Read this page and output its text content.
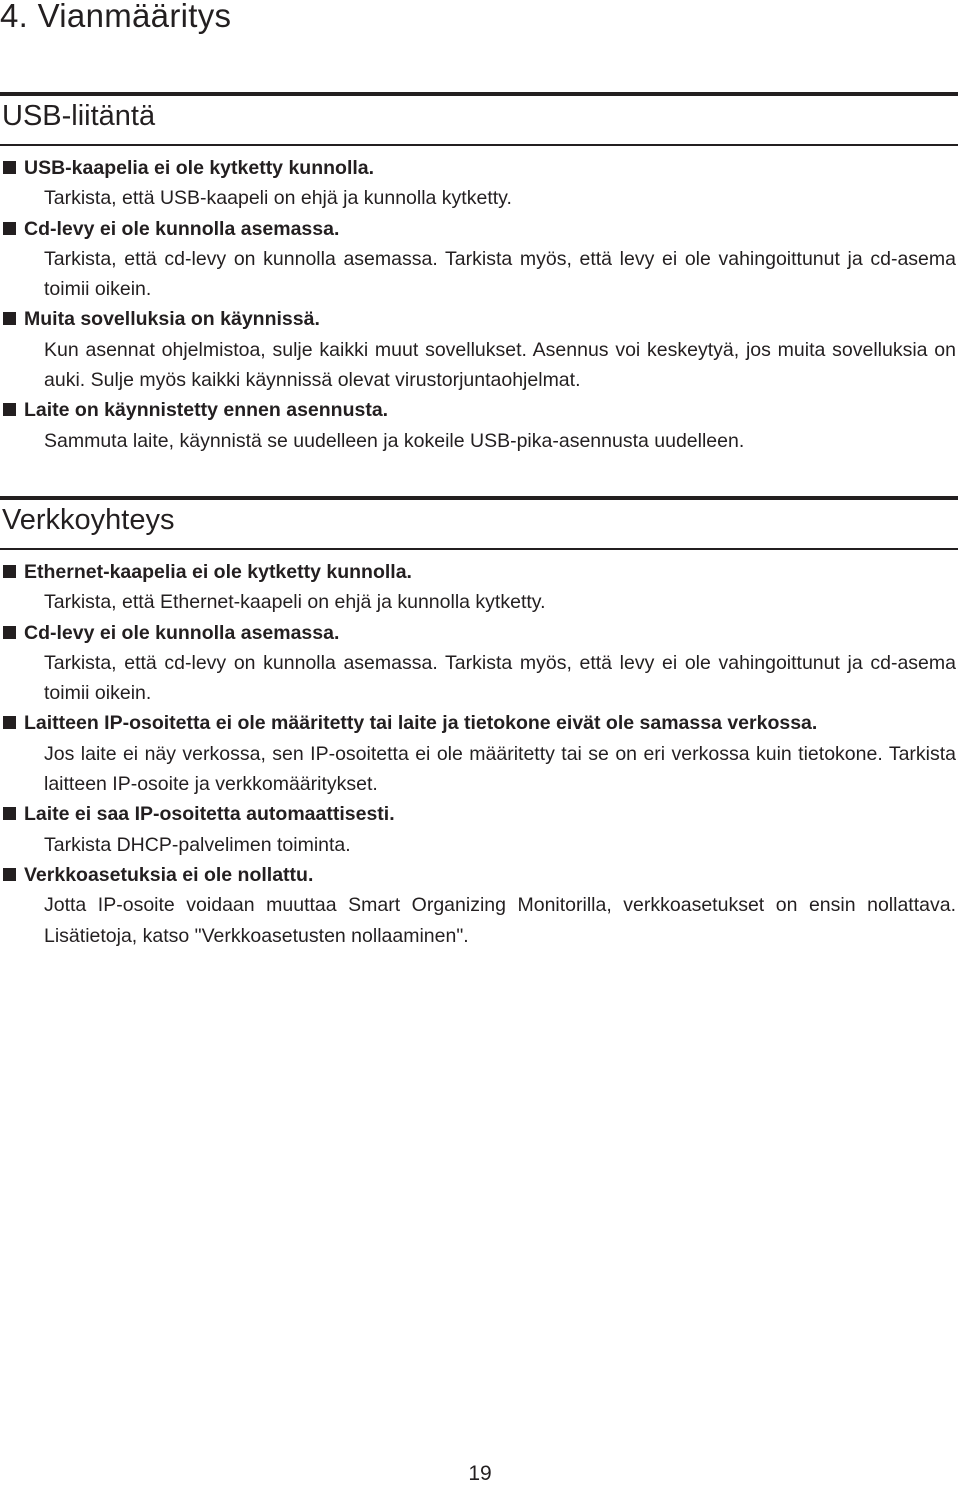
4. Vianmääritys
USB-liitäntä
USB-kaapelia ei ole kytketty kunnolla.
Tarkista, että USB-kaapeli on ehjä ja kunnolla kytketty.
Cd-levy ei ole kunnolla asemassa.
Tarkista, että cd-levy on kunnolla asemassa. Tarkista myös, että levy ei ole vahingoittunut ja cd-asema toimii oikein.
Muita sovelluksia on käynnissä.
Kun asennat ohjelmistoa, sulje kaikki muut sovellukset. Asennus voi keskeytyä, jos muita sovelluksia on auki. Sulje myös kaikki käynnissä olevat virustorjuntaohjelmat.
Laite on käynnistetty ennen asennusta.
Sammuta laite, käynnistä se uudelleen ja kokeile USB-pika-asennusta uudelleen.
Verkkoyhteys
Ethernet-kaapelia ei ole kytketty kunnolla.
Tarkista, että Ethernet-kaapeli on ehjä ja kunnolla kytketty.
Cd-levy ei ole kunnolla asemassa.
Tarkista, että cd-levy on kunnolla asemassa. Tarkista myös, että levy ei ole vahingoittunut ja cd-asema toimii oikein.
Laitteen IP-osoitetta ei ole määritetty tai laite ja tietokone eivät ole samassa verkossa.
Jos laite ei näy verkossa, sen IP-osoitetta ei ole määritetty tai se on eri verkossa kuin tietokone. Tarkista laitteen IP-osoite ja verkkomääritykset.
Laite ei saa IP-osoitetta automaattisesti.
Tarkista DHCP-palvelimen toiminta.
Verkkoasetuksia ei ole nollattu.
Jotta IP-osoite voidaan muuttaa Smart Organizing Monitorilla, verkkoasetukset on ensin nollattava. Lisätietoja, katso "Verkkoasetusten nollaaminen".
19
